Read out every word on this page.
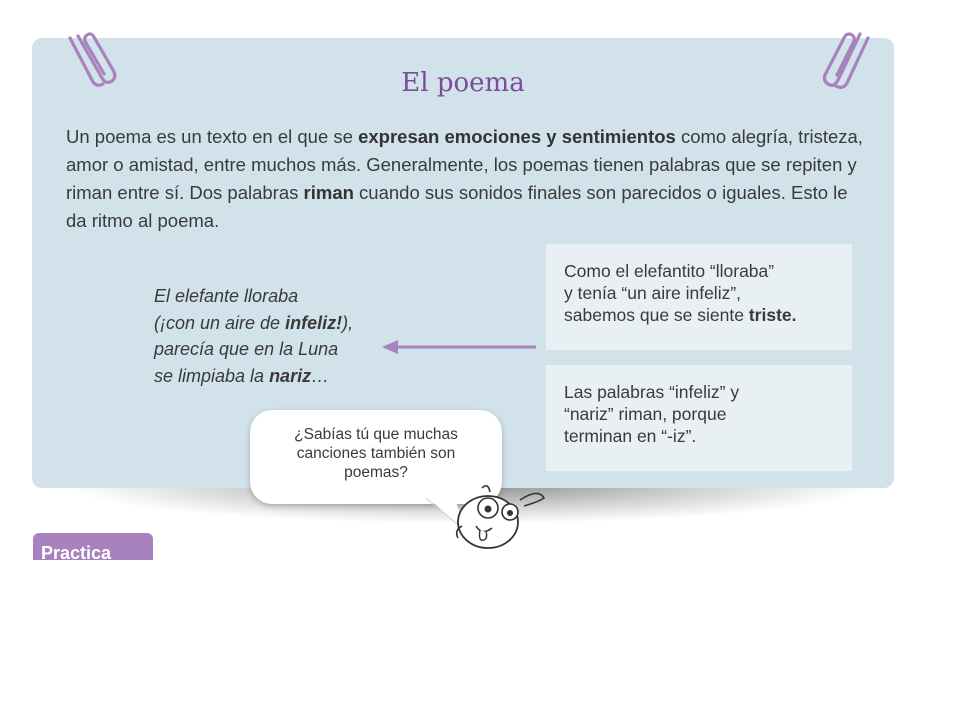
El poema

Un poema es un texto en el que se expresan emociones y sentimientos como alegría, tristeza, amor o amistad, entre muchos más. Generalmente, los poemas tienen palabras que se repiten y riman entre sí. Dos palabras riman cuando sus sonidos finales son parecidos o iguales. Esto le da ritmo al poema.

El elefante lloraba
(¡con un aire de infeliz!),
parecía que en la Luna
se limpiaba la nariz…
Como el elefantito “lloraba”
y tenía “un aire infeliz”,
sabemos que se siente triste.
Las palabras “infeliz” y
“nariz” riman, porque
terminan en “-iz”.
Practica
¿Sabías tú que muchas
canciones también son
poemas?
